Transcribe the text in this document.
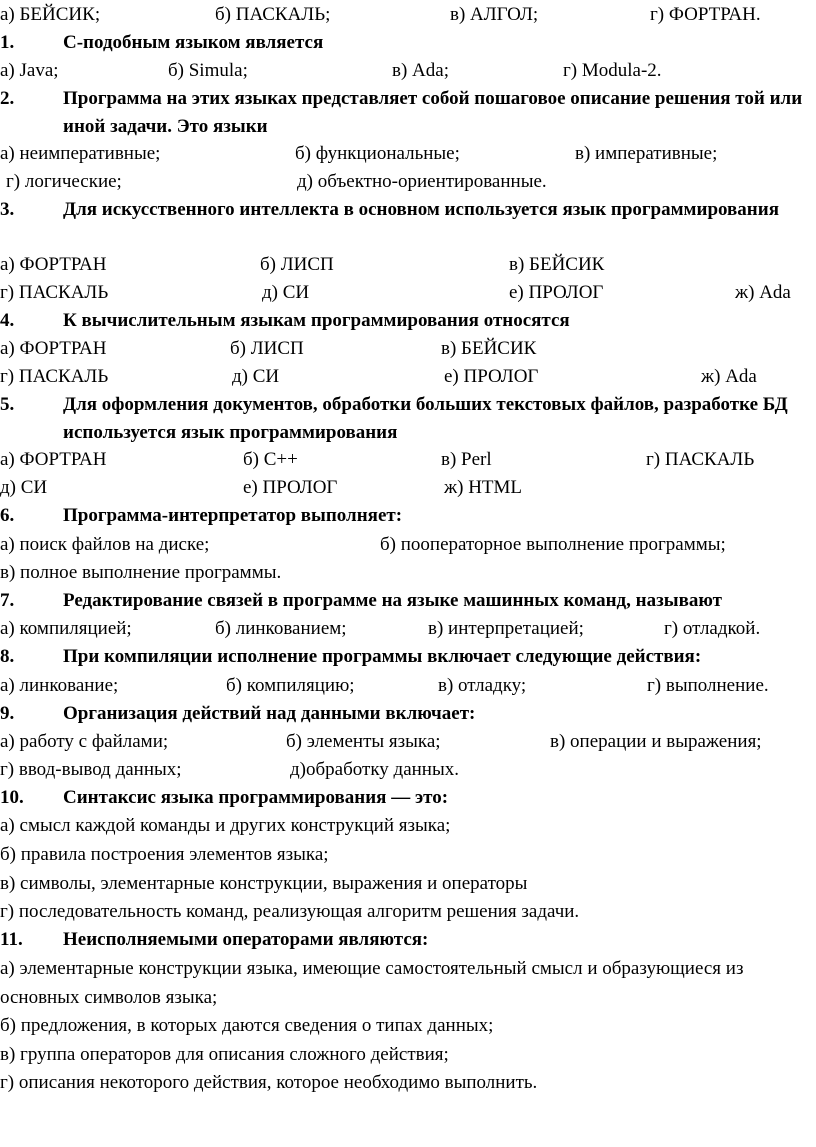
а) БЕЙСИК;	б) ПАСКАЛЬ;	в) АЛГОЛ;	г) ФОРТРАН.
1.	С-подобным языком является
а) Java;	б) Simula;	в) Ada;	г) Modula-2.
2.	Программа на этих языках представляет собой пошаговое описание решения той или иной задачи. Это языки
а) неимперативные;	б) функциональные;	в) императивные;
г) логические;	д) объектно-ориентированные.
3.	Для искусственного интеллекта в основном используется язык программирования
а) ФОРТРАН	б) ЛИСП	в) БЕЙСИК
г) ПАСКАЛЬ	д) СИ	е) ПРОЛОГ	ж) Ada
4.	К вычислительным языкам программирования относятся
а) ФОРТРАН	б) ЛИСП	в) БЕЙСИК
г) ПАСКАЛЬ	д) СИ	е) ПРОЛОГ	ж) Ada
5.	Для оформления документов, обработки больших текстовых файлов, разработке БД используется язык программирования
а) ФОРТРАН	б) С++	в) Perl	г) ПАСКАЛЬ
д) СИ	е) ПРОЛОГ	ж) HTML
6.	Программа-интерпретатор выполняет:
а) поиск файлов на диске;	б) пооператорное выполнение программы;
в) полное выполнение программы.
7.	Редактирование связей в программе на языке машинных команд, называют
а) компиляцией;	б) линкованием;	в) интерпретацией;	г) отладкой.
8.	При компиляции исполнение программы включает следующие действия:
а) линкование;	б) компиляцию;	в) отладку;	г) выполнение.
9.	Организация действий над данными включает:
а) работу с файлами;	б) элементы языка;	в) операции и выражения;
г) ввод-вывод данных;	д)обработку данных.
10. Синтаксис языка программирования — это:
а) смысл каждой команды и других конструкций языка;
б) правила построения элементов языка;
в) символы, элементарные конструкции, выражения и операторы
г) последовательность команд, реализующая алгоритм решения задачи.
11. Неисполняемыми операторами являются:
а) элементарные конструкции языка, имеющие самостоятельный смысл и образующиеся из основных символов языка;
б) предложения, в которых даются сведения о типах данных;
в) группа операторов для описания сложного действия;
г) описания некоторого действия, которое необходимо выполнить.
